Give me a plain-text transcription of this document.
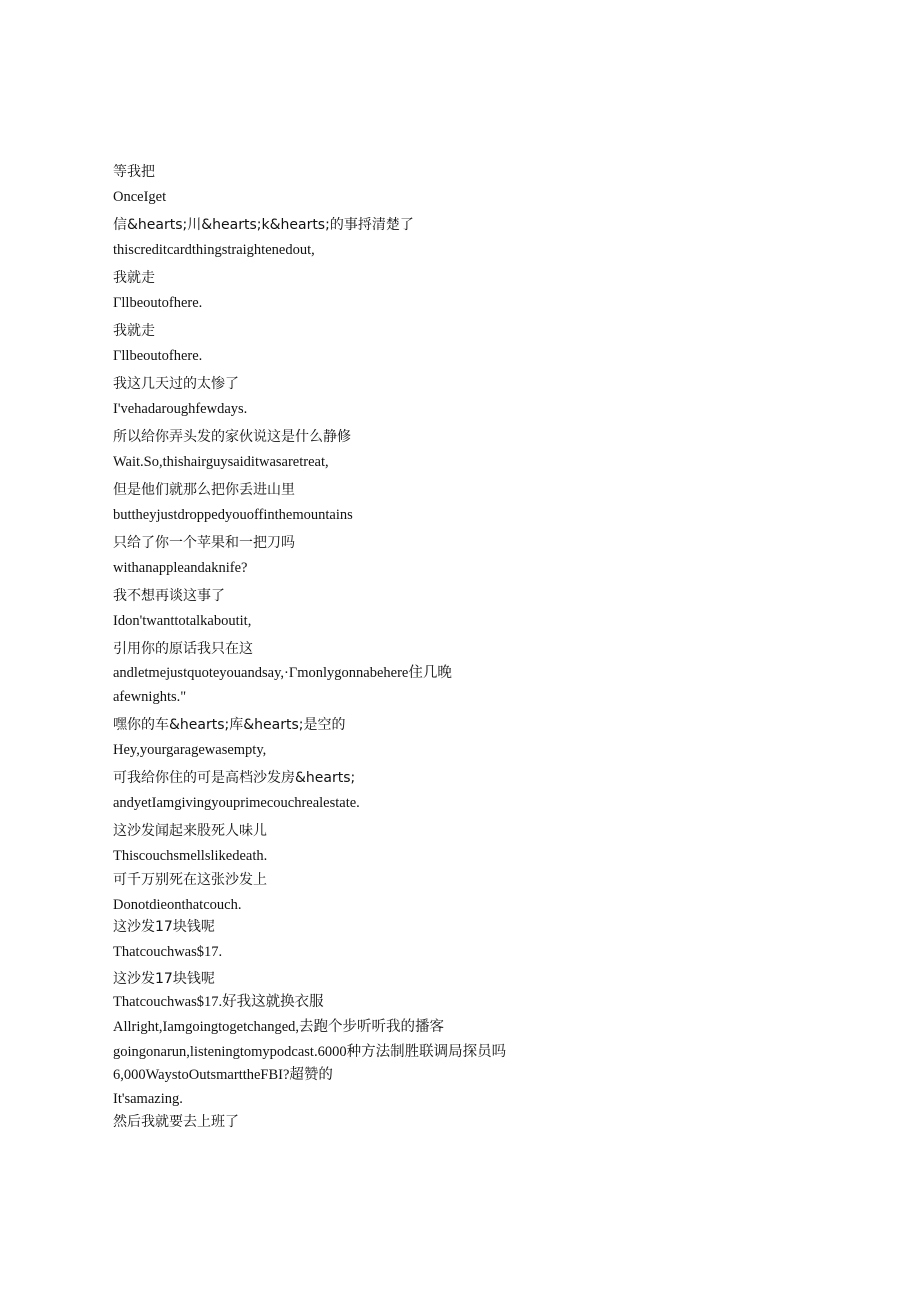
等我把
OnceIget
信&hearts;川&hearts;k&hearts;的事捋清楚了
thiscreditcardthingstraightenedout,
我就走
Γllbeoutofhere.
我就走
Γllbeoutofhere.
我这几天过的太惨了
I'vehadaroughfewdays.
所以给你弄头发的家伙说这是什么静修
Wait.So,thishairguysaiditwasaretreat,
但是他们就那么把你丢进山里
buttheyjustdroppedyouoffinthemountains
只给了你一个苹果和一把刀吗
withanappleandaknife?
我不想再谈这事了
Idon'twanttotalkaboutit,
引用你的原话我只在这
andletmejustquoteyouandsay,·Γmonlygonnabehere住几晚
afewnights."
嘿你的车&hearts;库&hearts;是空的
Hey,yourgaragewasempty,
可我给你住的可是高档沙发房&hearts;
andyetIamgivingyouprimecouchrealestate.
这沙发闻起来股死人味儿
Thiscouchsmellslikedeath.
可千万别死在这张沙发上
Donotdieonthatcouch.
这沙发17块钱呢
Thatcouchwas$17.
这沙发17块钱呢
Thatcouchwas$17.好我这就换衣服
Allright,Iamgoingtogetchanged,去跑个步听听我的播客
goingonarun,listeningtomypodcast.6000种方法制胜联调局探员吗
6,000WaystoOutsmarttheFBI?超赞的
It'samazing.
然后我就要去上班了
